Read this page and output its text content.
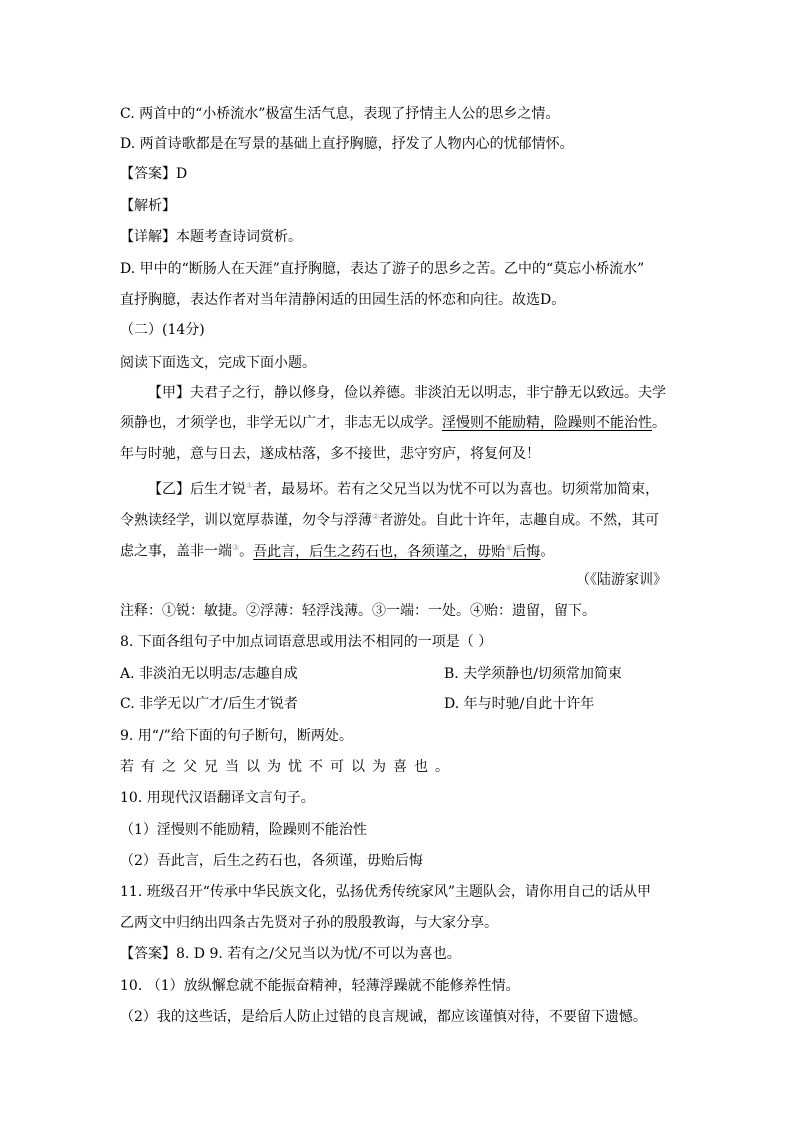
C. 两首中的“小桥流水”极富生活气息，表现了抒情主人公的思乡之情。
D. 两首诗歌都是在写景的基础上直抒胸臆，抒发了人物内心的忧郁情怀。
【答案】D
【解析】
【详解】本题考查诗词赏析。
D. 甲中的“断肠人在天涯”直抒胸臆，表达了游子的思乡之苦。乙中的“莫忘小桥流水”
直抒胸臆，表达作者对当年清静闲适的田园生活的怀恋和向往。故选D。
（二）(14分)
阅读下面选文，完成下面小题。
【甲】夫君子之行，静以修身，俭以养德。非淡泊无以明志，非宁静无以致远。夫学
须静也，才须学也，非学无以广才，非志无以成学。淫慢则不能励精，险躁则不能治性。
年与时驰，意与日去，遂成枯落，多不接世，悲守穷庐，将复何及！
【乙】后生才锐①者，最易坏。若有之父兄当以为忧不可以为喜也。切须常加简束，
令熟读经学，训以宽厚恭谨，勿令与浮薄②者游处。自此十许年，志趣自成。不然，其可
虑之事，盖非一端③。吾此言，后生之药石也，各须谨之，毋贻④后悔。
（《陆游家训》
注释：①锐：敏捷。②浮薄：轻浮浅薄。③一端：一处。④贻：遗留，留下。
8. 下面各组句子中加点词语意思或用法不相同的一项是（ ）
A. 非淡泊无以明志/志趣自成	B. 夫学须静也/切须常加简束
C. 非学无以广才/后生才锐者	D. 年与时驰/自此十许年
9. 用“/”给下面的句子断句，断两处。
若有之父兄当以为忧不可以为喜也。
10. 用现代汉语翻译文言句子。
（1）淫慢则不能励精，险躁则不能治性
（2）吾此言，后生之药石也，各须谨，毋贻后悔
11. 班级召开“传承中华民族文化，弘扬优秀传统家风”主题队会，请你用自己的话从甲
乙两文中归纳出四条古先贤对子孙的殷殷教诲，与大家分享。
【答案】8. D 9. 若有之/父兄当以为忧/不可以为喜也。
10. （1）放纵懈怠就不能振奋精神，轻薄浮躁就不能修养性情。
（2）我的这些话，是给后人防止过错的良言规诫，都应该谨慎对待，不要留下遗憾。
